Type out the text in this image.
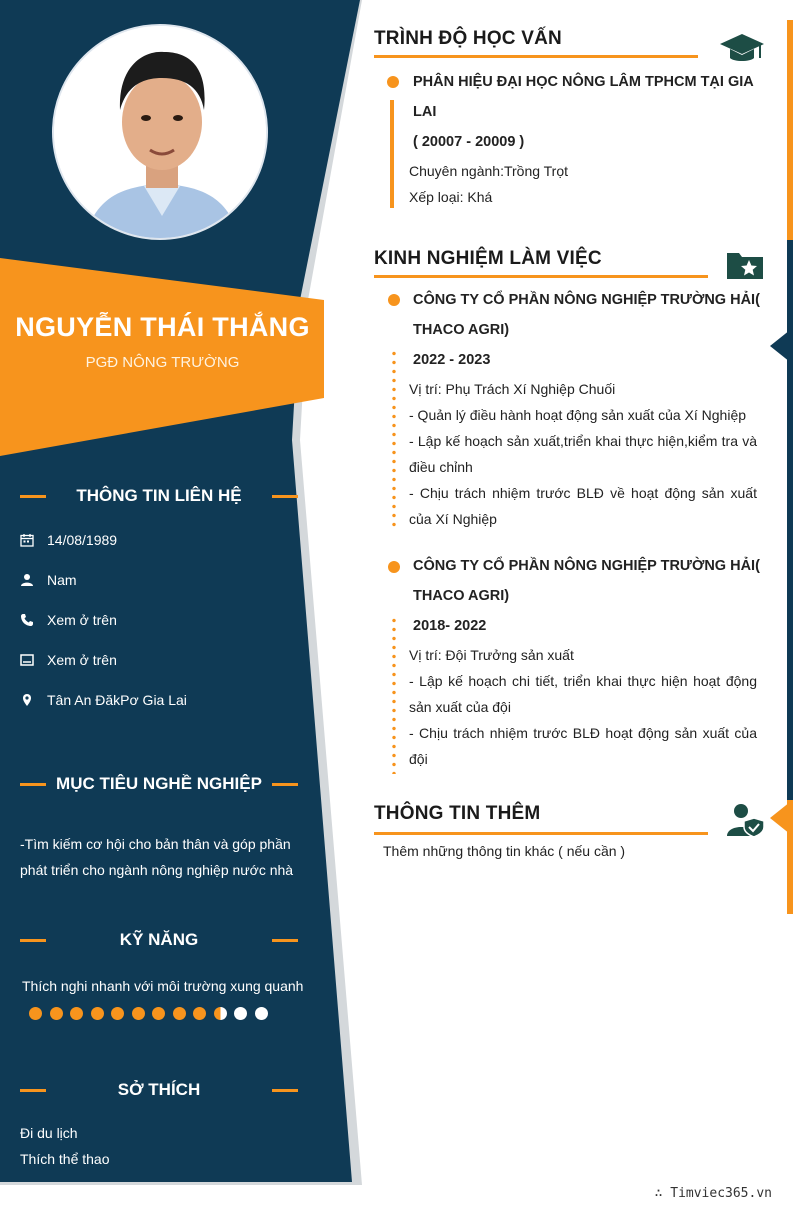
NGUYỄN THÁI THẮNG
PGĐ NÔNG TRƯỜNG
THÔNG TIN LIÊN HỆ
14/08/1989
Nam
Xem ở trên
Xem ở trên
Tân An ĐăkPơ Gia Lai
MỤC TIÊU NGHỀ NGHIỆP
-Tìm kiếm cơ hội cho bản thân và góp phần phát triển cho ngành nông nghiệp nước nhà
KỸ NĂNG
Thích nghi nhanh với môi trường xung quanh
SỞ THÍCH
Đi du lịch
Thích thể thao
TRÌNH ĐỘ HỌC VẤN
PHÂN HIỆU ĐẠI HỌC NÔNG LÂM TPHCM TẠI GIA
LAI
( 20007 - 20009 )
Chuyên ngành:Trồng Trọt
Xếp loại: Khá
KINH NGHIỆM LÀM VIỆC
CÔNG TY CỔ PHẦN NÔNG NGHIỆP TRƯỜNG HẢI(
THACO AGRI)
2022 - 2023
Vị trí: Phụ Trách Xí Nghiệp Chuối
- Quản lý điều hành hoạt động sản xuất của Xí Nghiệp
- Lập kế hoạch sản xuất,triển khai thực hiện,kiểm tra và điều chỉnh
- Chịu trách nhiệm trước BLĐ về hoạt động sản xuất của Xí Nghiệp
CÔNG TY CỔ PHẦN NÔNG NGHIỆP TRƯỜNG HẢI(
THACO AGRI)
2018- 2022
Vị trí: Đội Trưởng sản xuất
- Lập kế hoạch chi tiết, triển khai thực hiện hoạt động sản xuất của đội
- Chịu trách nhiệm trước BLĐ hoạt động sản xuất của đội
THÔNG TIN THÊM
Thêm những thông tin khác ( nếu cần )
∴ Timviec365.vn
